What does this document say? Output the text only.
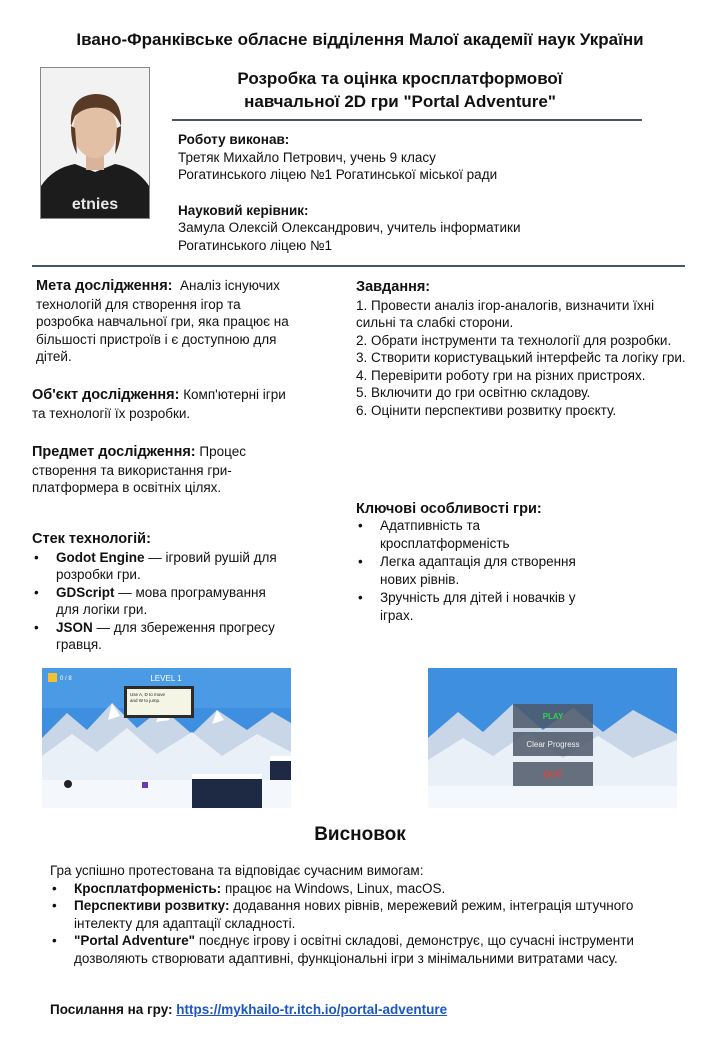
Івано-Франківське обласне відділення Малої академії наук України
etnies
Розробка та оцінка кросплатформової
навчальної 2D гри "Portal Adventure"
Роботу виконав:
Третяк Михайло Петрович, учень 9 класу
Рогатинського ліцею №1 Рогатинської міської ради
Науковий керівник:
Замула Олексій Олександрович, учитель інформатики
Рогатинського ліцею №1
Мета дослідження: Аналіз існуючих технологій для створення ігор та розробка навчальної гри, яка працює на більшості пристроїв і є доступною для дітей.
Об'єкт дослідження: Комп'ютерні ігри та технології їх розробки.
Предмет дослідження: Процес створення та використання гри-платформера в освітніх цілях.
Стек технологій:
• Godot Engine — ігровий рушій для розробки гри.
• GDScript — мова програмування для логіки гри.
• JSON — для збереження прогресу гравця.
Завдання:
1. Провести аналіз ігор-аналогів, визначити їхні сильні та слабкі сторони.
2. Обрати інструменти та технології для розробки.
3. Створити користувацький інтерфейс та логіку гри.
4. Перевірити роботу гри на різних пристроях.
5. Включити до гри освітню складову.
6. Оцінити перспективи розвитку проєкту.
Ключові особливості гри:
• Адатпивність та кросплатформеність
• Легка адаптація для створення нових рівнів.
• Зручність для дітей і новачків у іграх.
Use A, D to move
and W to jump.
0 / 8	LEVEL 1
PLAY
Clear Progress
QUIT
Висновок
Гра успішно протестована та відповідає сучасним вимогам:
• Кросплатформеність: працює на Windows, Linux, macOS.
• Перспективи розвитку: додавання нових рівнів, мережевий режим, інтеграція штучного інтелекту для адаптації складності.
• "Portal Adventure" поєднує ігрову і освітні складові, демонструє, що сучасні інструменти дозволяють створювати адаптивні, функціональні ігри з мінімальними витратами часу.
Посилання на гру: https://mykhailo-tr.itch.io/portal-adventure
